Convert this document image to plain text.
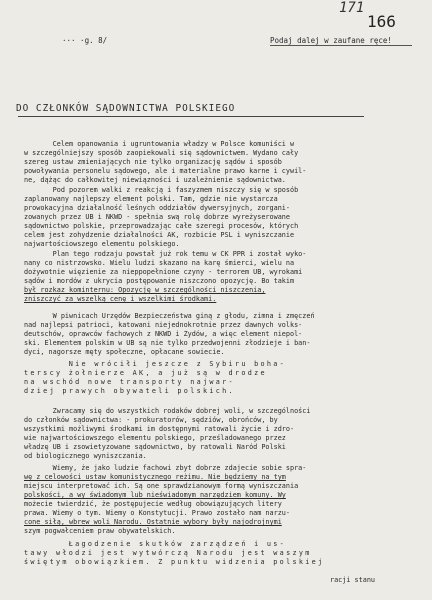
171
166
··· ·g. 8/	Podaj dalej w zaufane ręce!
DO CZŁONKÓW SĄDOWNICTWA POLSKIEGO
Celem opanowania i ugruntowania władzy w Polsce komuniści w
w szczególniejszy sposób zaopiekowali się sądownictwem. Wydano cały
szereg ustaw zmieniających nie tylko organizację sądów i sposób
powoływania personelu sądowego, ale i materialne prawo karne i cywil-
ne, dążąc do całkowitej niewiązności i uzależnienie sądownictwa.
Pod pozorem walki z reakcją i faszyzmem niszczy się w sposób
zaplanowany najlepszy element polski. Tam, gdzie nie wystarcza
prowokacyjna działalność leśnych oddziałów dywersyjnych, zorgani-
zowanych przez UB i NKWD - spełnia swą rolę dobrze wyreżyserowane
sądownictwo polskie, przeprowadzając całe szeregi procesów, których
celem jest zohydzenie działalności AK, rozbicie PSL i wyniszczanie
najwartościowszego elementu polskiego.
Plan tego rodzaju powstał już rok temu w CK PPR i został wyko-
nany co nistrzowsko. Wielu ludzi skazano na karę śmierci, wielu na
dożywotnie więzienie za nieppopełnione czyny - terrorem UB, wyrokami
sądów i mordów z ukrycia postępowanie niszczono opozycję. Bo takim
był rozkaz kominternu: Opozycję w szczególności niszczenia,
zniszczyć za wszelką cenę i wszelkimi środkami.
W piwnicach Urzędów Bezpieczeństwa giną z głodu, zimna i zmęczeń
nad najlepsi patrioci, katowani niejednokrotnie przez dawnych volks-
deutschów, oprawców fachowych z NKWD i Żydów, a więc element niepol-
ski. Elementem polskim w UB są nie tylko przedwojenni złodzieje i ban-
dyci, nagorsze męty społeczne, opłacane sowiecie.
Nie wróciłi jeszcze z Sybiru boha-
terscy żołnierze AK, a już są w drodze
na wschód nowe transporty najwar-
dziej prawych obywateli polskich.
Zwracamy się do wszystkich rodaków dobrej woli, w szczególności
do członków sądownictwa: - prokuratorów, sędziów, obrońców, by
wszystkimi możliwymi środkami im dostępnymi ratowali życie i zdro-
wie najwartościowszego elementu polskiego, prześladowanego przez
władzę UB i zsowietyzowane sądownictwo, by ratowali Naród Polski
od biologicznego wyniszczania.
Wiemy, że jako ludzie fachowi zbyt dobrze zdajecie sobie spra-
wę z celowości ustaw komunistycznego reżimu. Nie będziemy na tym
miejscu interpretować ich. Są one sprawdzianowym formą wyniszczania
polskości, a wy świadomym lub nieświadomym narzędziem komuny. Wy
możecie twierdzić, że postępujecie według obowiązujących litery
prawa. Wiemy o tym. Wiemy o Konstytucji. Prawo zostało nam narzu-
cone siłą, wbrew woli Narodu. Ostatnie wybory były najodrojnymi
szym pogwałceniem praw obywatelskich.
Łagodzenie skutków zarządzeń i us-
tawy włodzi jest wytwórczą Narodu jest waszym
świętym obowiązkiem. Z punktu widzenia polskiej
racji stanu
